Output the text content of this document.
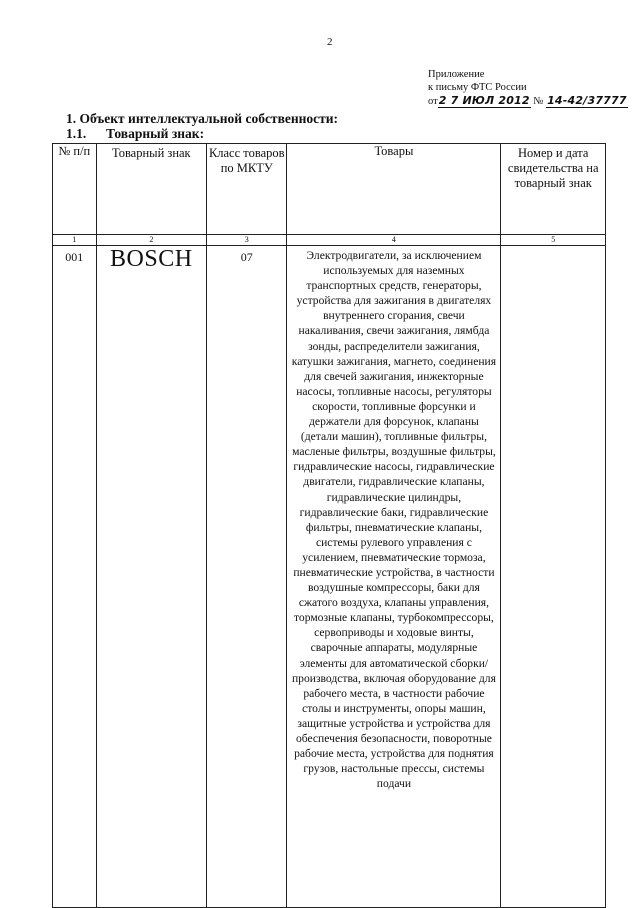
2
Приложение
к письму ФТС России
от2 7 ИЮЛ 2012 № 14-42/37777
1. Объект интеллектуальной собственности:
1.1. Товарный знак:
№ п/п	Товарный знак	Класс товаров по МКТУ	Товары	Номер и дата свидетельства на товарный знак
1	2	3	4	5
001	BOSCH	07	Электродвигатели, за исключением используемых для наземных транспортных средств, генераторы, устройства для зажигания в двигателях внутреннего сгорания, свечи накаливания, свечи зажигания, лямбда зонды, распределители зажигания, катушки зажигания, магнето, соединения для свечей зажигания, инжекторные насосы, топливные насосы, регуляторы скорости, топливные форсунки и держатели для форсунок, клапаны (детали машин), топливные фильтры, масленые фильтры, воздушные фильтры, гидравлические насосы, гидравлические двигатели, гидравлические клапаны, гидравлические цилиндры, гидравлические баки, гидравлические фильтры, пневматические клапаны, системы рулевого управления с усилением, пневматические тормоза, пневматические устройства, в частности воздушные компрессоры, баки для сжатого воздуха, клапаны управления, тормозные клапаны, турбокомпрессоры, сервоприводы и ходовые винты, сварочные аппараты, модулярные элементы для автоматической сборки/производства, включая оборудование для рабочего места, в частности рабочие столы и инструменты, опоры машин, защитные устройства и устройства для обеспечения безопасности, поворотные рабочие места, устройства для поднятия грузов, настольные прессы, системы подачи	
